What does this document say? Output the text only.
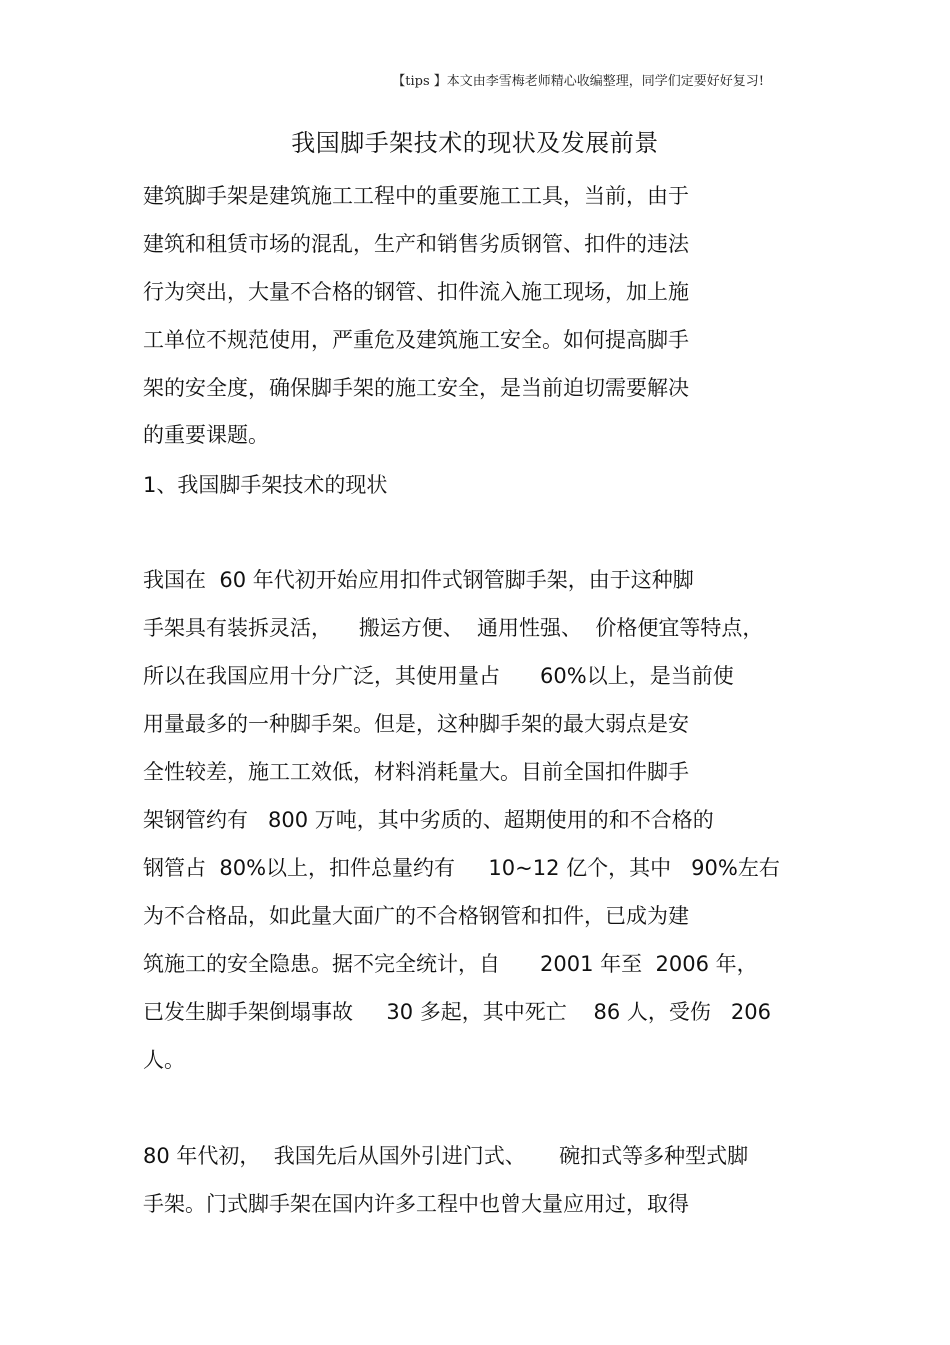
【tips 】本文由李雪梅老师精心收编整理，同学们定要好好复习!
我国脚手架技术的现状及发展前景
建筑脚手架是建筑施工工程中的重要施工工具，当前，由于
建筑和租赁市场的混乱，生产和销售劣质钢管、扣件的违法
行为突出，大量不合格的钢管、扣件流入施工现场，加上施
工单位不规范使用，严重危及建筑施工安全。如何提高脚手
架的安全度，确保脚手架的施工安全，是当前迫切需要解决
的重要课题。
1、我国脚手架技术的现状
我国在  60 年代初开始应用扣件式钢管脚手架，由于这种脚
手架具有装拆灵活，    搬运方便、  通用性强、  价格便宜等特点，
所以在我国应用十分广泛，其使用量占      60%以上，是当前使
用量最多的一种脚手架。但是，这种脚手架的最大弱点是安
全性较差，施工工效低，材料消耗量大。目前全国扣件脚手
架钢管约有   800 万吨，其中劣质的、超期使用的和不合格的
钢管占  80%以上，扣件总量约有     10~12 亿个，其中   90%左右
为不合格品，如此量大面广的不合格钢管和扣件，已成为建
筑施工的安全隐患。据不完全统计，自      2001 年至  2006 年，
已发生脚手架倒塌事故     30 多起，其中死亡    86 人，受伤   206
人。
80 年代初，  我国先后从国外引进门式、     碗扣式等多种型式脚
手架。门式脚手架在国内许多工程中也曾大量应用过，取得
